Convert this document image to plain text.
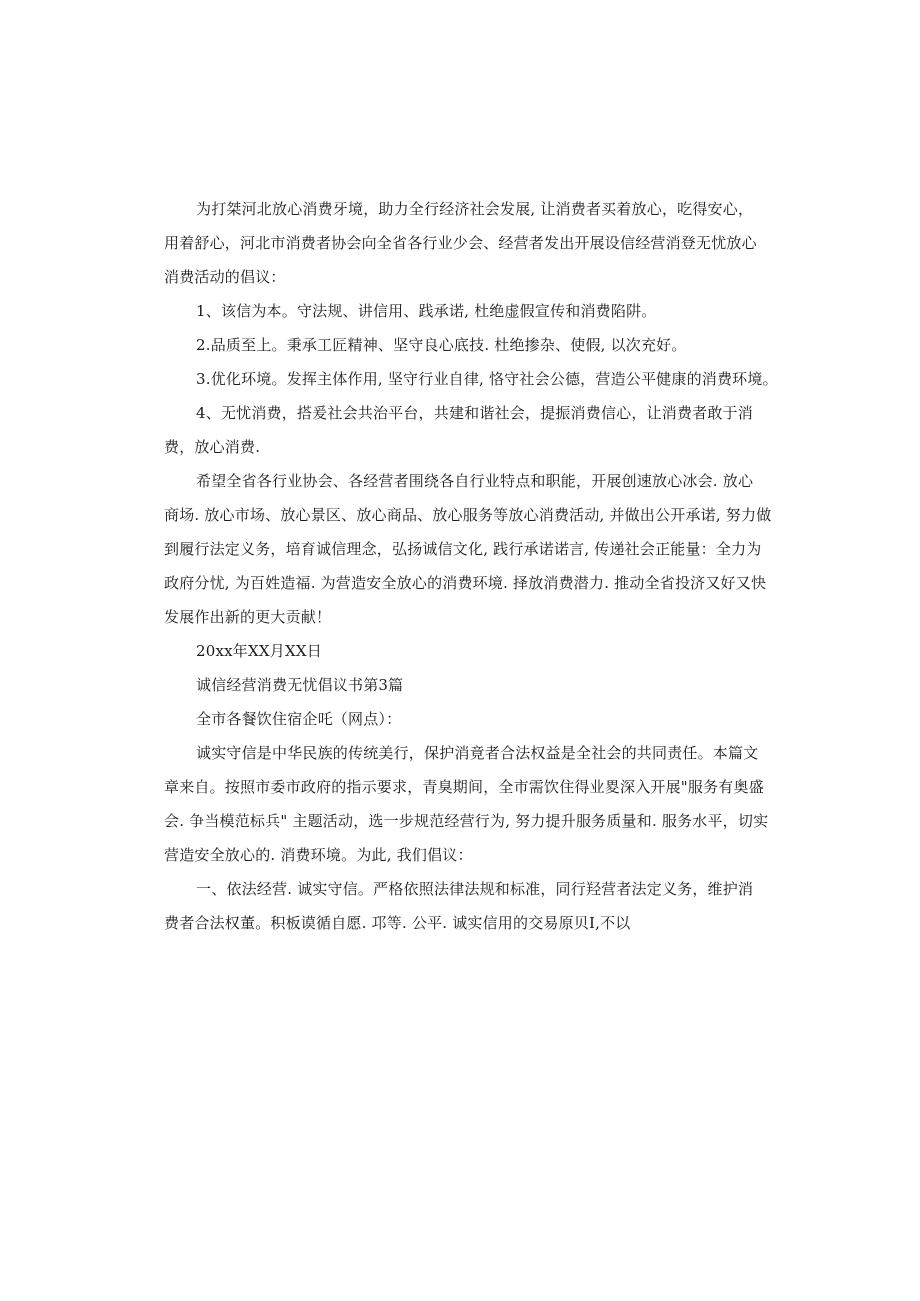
为打桀河北放心消费牙境，助力全行经济社会发展, 让消费者买着放心，吃得安心，

用着舒心，河北市消费者协会向全省各行业少会、经营者发出开展设信经营消登无忧放心

消费活动的倡议：

1、该信为本。守法规、讲信用、践承诺, 杜绝虚假宣传和消费陷阱。

2.品质至上。秉承工匠精神、坚守良心底技. 杜绝掺杂、使假, 以次充好。

3.优化环境。发挥主体作用, 坚守行业自律, 恪守社会公德，营造公平健康的消费环境。

4、无忧消费，搭爰社会共治平台，共建和谐社会，提振消费信心，让消费者敢于消

费，放心消费.

希望全省各行业协会、各经营者围绕各自行业特点和职能，开展创速放心冰会. 放心

商场. 放心市场、放心景区、放心商品、放心服务等放心消费活动, 并做出公开承诺, 努力做

到履行法定义务，培育诚信理念，弘扬诚信文化, 践行承诺诺言, 传递社会正能量：全力为

政府分忧, 为百姓造福. 为营造安全放心的消费环境. 择放消费潜力. 推动全省投济又好又快

发展作出新的更大贡献！

20xx年XX月XX日

诚信经营消费无忧倡议书第3篇

全市各餐饮住宿企吒（网点）：

诚实守信是中华民族的传统美行，保护消竟者合法权益是全社会的共同责任。本篇文

章来自。按照市委市政府的指示要求，青臭期间，全市需饮住得业畟深入开展"服务有奥盛

会. 争当模范标兵" 主题活动，选一步规范经营行为, 努力提升服务质量和. 服务水平，切实

营造安全放心的. 消费环境。为此, 我们倡议：

一、依法经营. 诚实守信。严格依照法律法规和标准，同行羟营者法定义务，维护消

费者合法权董。积板谟循自愿. 邛等. 公平. 诚实信用的交易原贝I,不以
